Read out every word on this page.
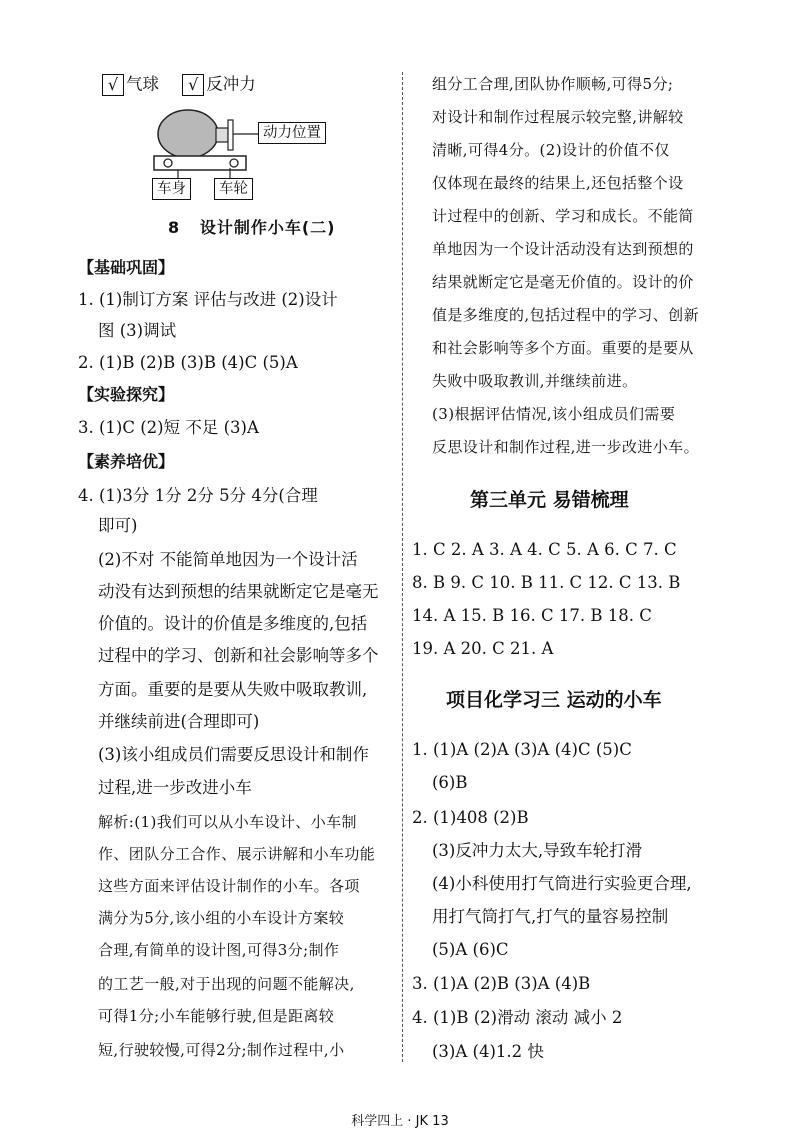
√ 气球 √ 反冲力
动力位置
车身	车轮
8 设计制作小车(二)
【基础巩固】
1. (1)制订方案 评估与改进 (2)设计
图 (3)调试
2. (1)B (2)B (3)B (4)C (5)A
【实验探究】
3. (1)C (2)短 不足 (3)A
【素养培优】
4. (1)3分 1分 2分 5分 4分(合理
即可)
(2)不对 不能简单地因为一个设计活
动没有达到预想的结果就断定它是毫无
价值的。设计的价值是多维度的,包括
过程中的学习、创新和社会影响等多个
方面。重要的是要从失败中吸取教训,
并继续前进(合理即可)
(3)该小组成员们需要反思设计和制作
过程,进一步改进小车
解析:(1)我们可以从小车设计、小车制
作、团队分工合作、展示讲解和小车功能
这些方面来评估设计制作的小车。各项
满分为5分,该小组的小车设计方案较
合理,有简单的设计图,可得3分;制作
的工艺一般,对于出现的问题不能解决,
可得1分;小车能够行驶,但是距离较
短,行驶较慢,可得2分;制作过程中,小
组分工合理,团队协作顺畅,可得5分;
对设计和制作过程展示较完整,讲解较
清晰,可得4分。(2)设计的价值不仅
仅体现在最终的结果上,还包括整个设
计过程中的创新、学习和成长。不能简
单地因为一个设计活动没有达到预想的
结果就断定它是毫无价值的。设计的价
值是多维度的,包括过程中的学习、创新
和社会影响等多个方面。重要的是要从
失败中吸取教训,并继续前进。
(3)根据评估情况,该小组成员们需要
反思设计和制作过程,进一步改进小车。
第三单元 易错梳理
1. C 2. A 3. A 4. C 5. A 6. C 7. C
8. B 9. C 10. B 11. C 12. C 13. B
14. A 15. B 16. C 17. B 18. C
19. A 20. C 21. A
项目化学习三 运动的小车
1. (1)A (2)A (3)A (4)C (5)C
(6)B
2. (1)408 (2)B
(3)反冲力太大,导致车轮打滑
(4)小科使用打气筒进行实验更合理,
用打气筒打气,打气的量容易控制
(5)A (6)C
3. (1)A (2)B (3)A (4)B
4. (1)B (2)滑动 滚动 减小 2
(3)A (4)1.2 快
科学四上 · JK 13
